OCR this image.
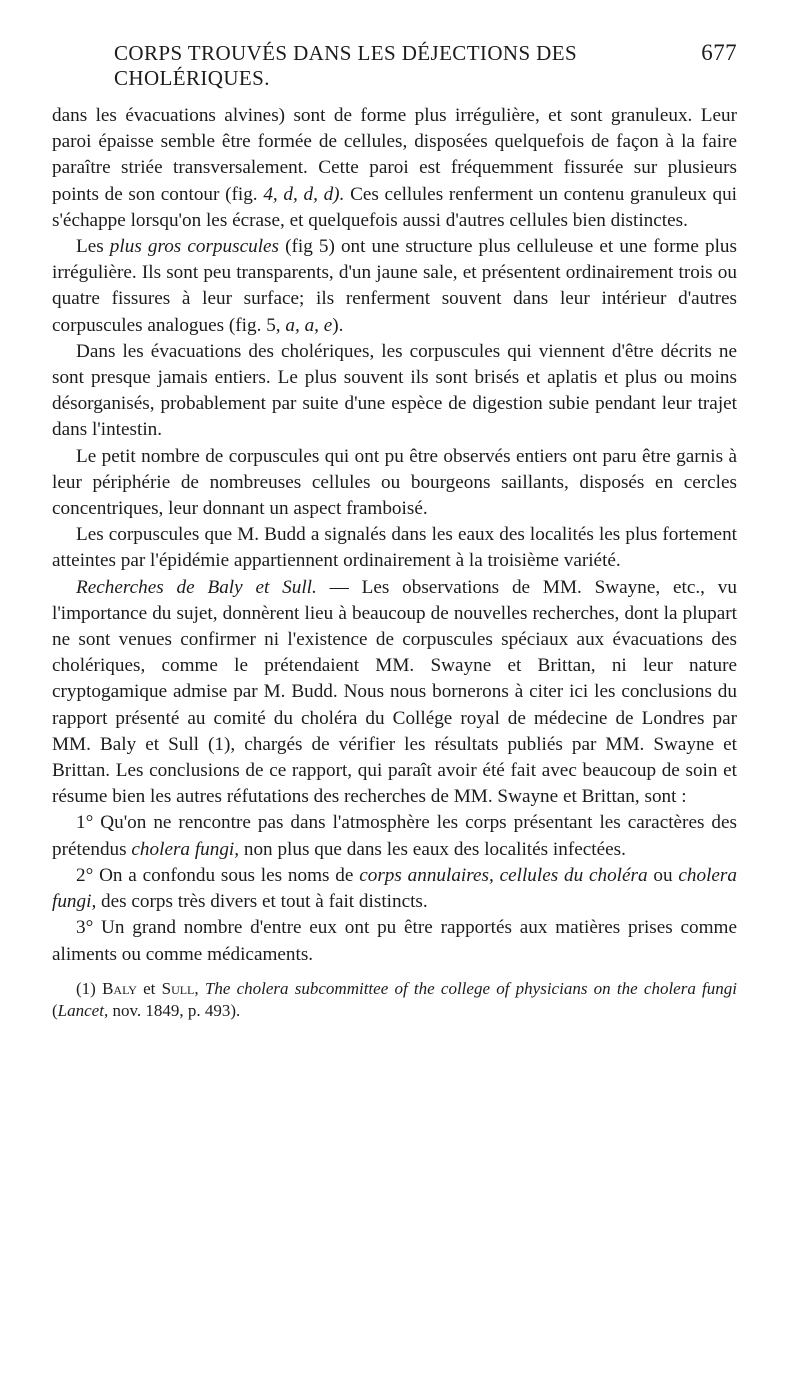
CORPS TROUVÉS DANS LES DÉJECTIONS DES CHOLÉRIQUES.
677

dans les évacuations alvines) sont de forme plus irrégulière, et sont granuleux. Leur paroi épaisse semble être formée de cellules, disposées quelquefois de façon à la faire paraître striée transversalement. Cette paroi est fréquemment fissurée sur plusieurs points de son contour (fig. 4, d, d, d). Ces cellules renferment un contenu granuleux qui s'échappe lorsqu'on les écrase, et quelquefois aussi d'autres cellules bien distinctes.

Les plus gros corpuscules (fig 5) ont une structure plus celluleuse et une forme plus irrégulière. Ils sont peu transparents, d'un jaune sale, et présentent ordinairement trois ou quatre fissures à leur surface; ils renferment souvent dans leur intérieur d'autres corpuscules analogues (fig. 5, a, a, e).

Dans les évacuations des cholériques, les corpuscules qui viennent d'être décrits ne sont presque jamais entiers. Le plus souvent ils sont brisés et aplatis et plus ou moins désorganisés, probablement par suite d'une espèce de digestion subie pendant leur trajet dans l'intestin.

Le petit nombre de corpuscules qui ont pu être observés entiers ont paru être garnis à leur périphérie de nombreuses cellules ou bourgeons saillants, disposés en cercles concentriques, leur donnant un aspect framboisé.

Les corpuscules que M. Budd a signalés dans les eaux des localités les plus fortement atteintes par l'épidémie appartiennent ordinairement à la troisième variété.

Recherches de Baly et Sull. — Les observations de MM. Swayne, etc., vu l'importance du sujet, donnèrent lieu à beaucoup de nouvelles recherches, dont la plupart ne sont venues confirmer ni l'existence de corpuscules spéciaux aux évacuations des cholériques, comme le prétendaient MM. Swayne et Brittan, ni leur nature cryptogamique admise par M. Budd. Nous nous bornerons à citer ici les conclusions du rapport présenté au comité du choléra du Collége royal de médecine de Londres par MM. Baly et Sull (1), chargés de vérifier les résultats publiés par MM. Swayne et Brittan. Les conclusions de ce rapport, qui paraît avoir été fait avec beaucoup de soin et résume bien les autres réfutations des recherches de MM. Swayne et Brittan, sont :

1° Qu'on ne rencontre pas dans l'atmosphère les corps présentant les caractères des prétendus cholera fungi, non plus que dans les eaux des localités infectées.

2° On a confondu sous les noms de corps annulaires, cellules du choléra ou cholera fungi, des corps très divers et tout à fait distincts.

3° Un grand nombre d'entre eux ont pu être rapportés aux matières prises comme aliments ou comme médicaments.

(1) Baly et Sull, The cholera subcommittee of the college of physicians on the cholera fungi (Lancet, nov. 1849, p. 493).
